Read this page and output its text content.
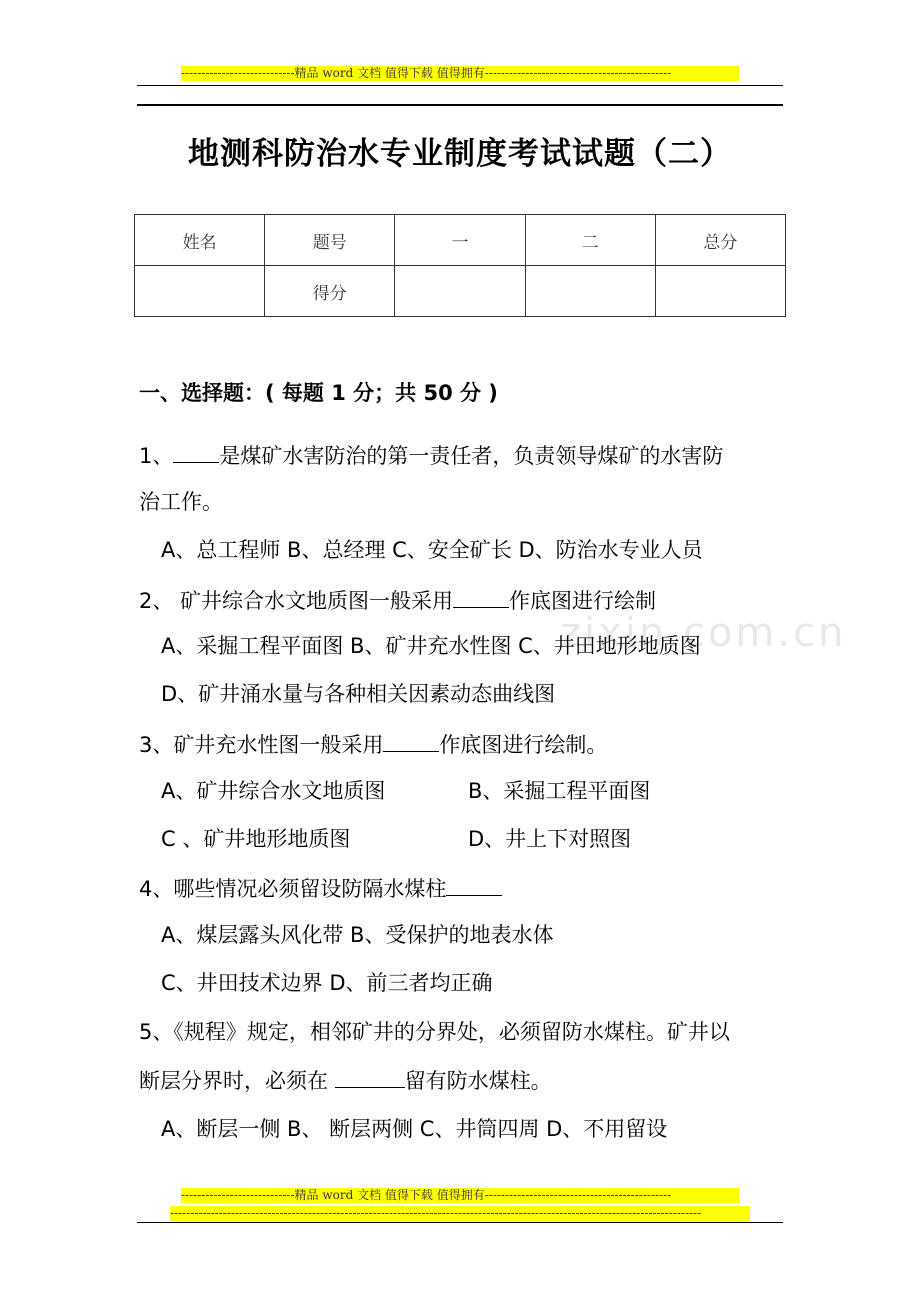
----------------------------精品 word 文档 值得下载 值得拥有----------------------------------------------
地测科防治水专业制度考试试题（二）
姓名	题号	一	二	总分
	得分			
zixin.com.cn
一、选择题：( 每题 1 分；共 50 分 )
1、 是煤矿水害防治的第一责任者，负责领导煤矿的水害防
治工作。
A、总工程师 B、总经理 C、安全矿长 D、防治水专业人员
2、 矿井综合水文地质图一般采用	作底图进行绘制
A、采掘工程平面图 B、矿井充水性图 C、井田地形地质图
D、矿井涌水量与各种相关因素动态曲线图
3、矿井充水性图一般采用	作底图进行绘制。
A、矿井综合水文地质图	B、采掘工程平面图
C 、矿井地形地质图	D、井上下对照图
4、哪些情况必须留设防隔水煤柱
A、煤层露头风化带 B、受保护的地表水体
C、井田技术边界 D、前三者均正确
5、《规程》规定，相邻矿井的分界处，必须留防水煤柱。矿井以
断层分界时，必须在	留有防水煤柱。
A、断层一侧 B、 断层两侧 C、井筒四周 D、不用留设
----------------------------精品 word 文档 值得下载 值得拥有----------------------------------------------
-----------------------------------------------------------------------------------------------------------------------------------
